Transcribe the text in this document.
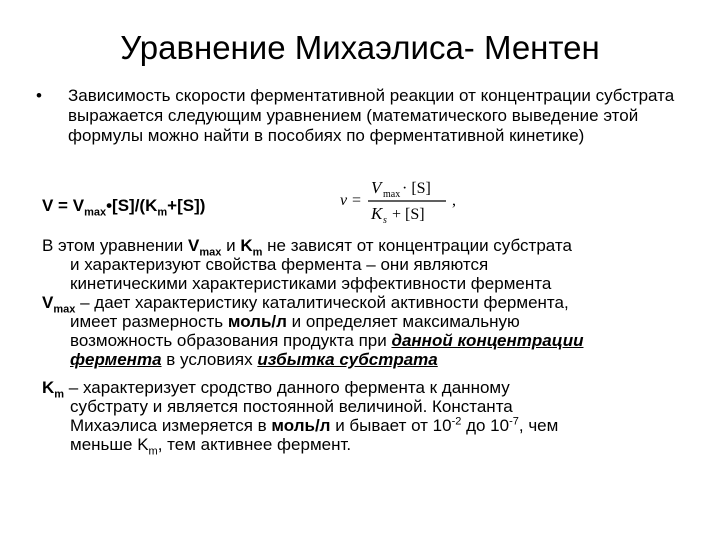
Уравнение Михаэлиса- Ментен
• Зависимость скорости ферментативной реакции от концентрации субстрата выражается следующим уравнением (математического выведение этой формулы можно найти в пособиях по ферментативной кинетике)
$V = V_{max}•[S]/(K_m+[S])$	v =
V max · [S]
K s + [S]
,
В этом уравнении $V_{max}$ и $K_m$ не зависят от концентрации субстрата
и характеризуют свойства фермента – они являются
кинетическими характеристиками эффективности фермента
$V_{max}$ – дает характеристику каталитической активности фермента,
имеет размерность моль/л и определяет максимальную
возможность образования продукта при данной концентрации
фермента в условиях избытка субстрата
$K_m$ – характеризует сродство данного фермента к данному
субстрату и является постоянной величиной. Константа
Михаэлиса измеряется в моль/л и бывает от $10^{-2}$ до $10^{-7}$, чем
меньше $K_m$, тем активнее фермент.
